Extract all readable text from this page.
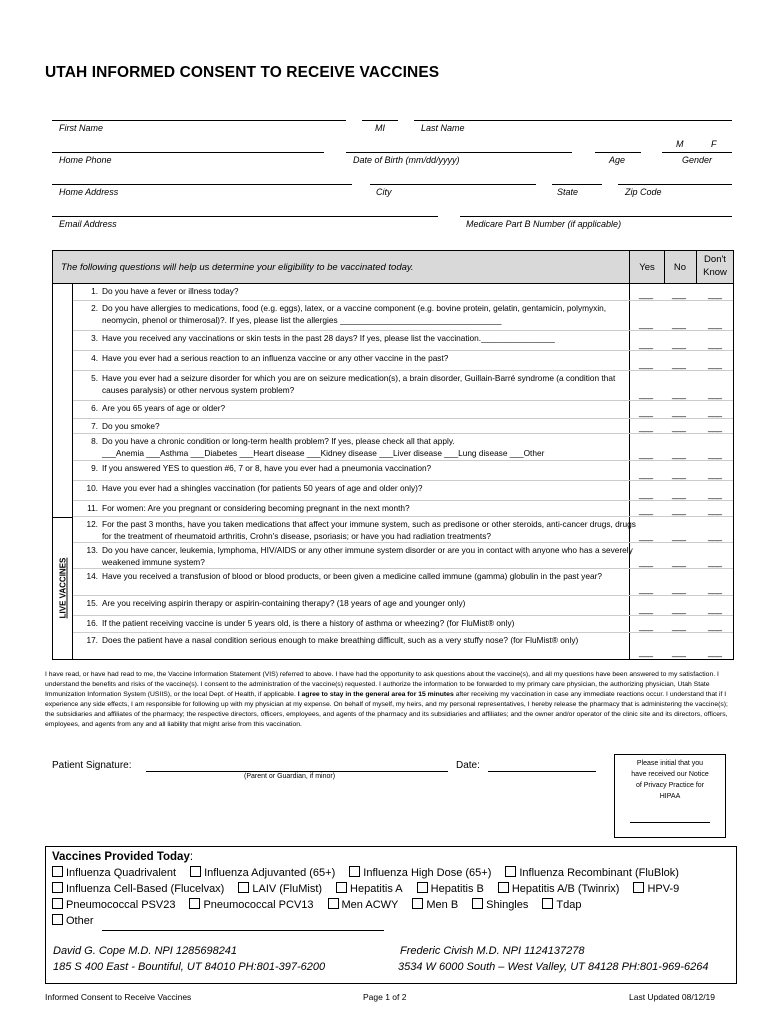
UTAH INFORMED CONSENT TO RECEIVE VACCINES
First Name	MI	Last Name
M	F
Home Phone	Date of Birth (mm/dd/yyyy)	Age	Gender
Home Address	City	State	Zip Code
Email Address	Medicare Part B Number (if applicable)
The following questions will help us determine your eligibility to be vaccinated today.	Yes	No
Don't Know
LIVE VACCINES
1. Do you have a fever or illness today?	___ ___ ___
2. Do you have allergies to medications, food (e.g. eggs), latex, or a vaccine component (e.g. bovine protein, gelatin, gentamicin, polymyxin, neomycin, phenol or thimerosal)?. If yes, please list the allergies ___________________________________	___ ___ ___
3. Have you received any vaccinations or skin tests in the past 28 days? If yes, please list the vaccination.________________
___ ___ ___
4. Have you ever had a serious reaction to an influenza vaccine or any other vaccine in the past?
___ ___ ___
5. Have you ever had a seizure disorder for which you are on seizure medication(s), a brain disorder, Guillain-Barré syndrome (a condition that causes paralysis) or other nervous system problem?	___ ___ ___
6. Are you 65 years of age or older?	___ ___ ___
7. Do you smoke?	___ ___ ___
8. Do you have a chronic condition or long-term health problem? If yes, please check all that apply.
___Anemia ___Asthma ___Diabetes ___Heart disease ___Kidney disease ___Liver disease ___Lung disease ___Other	___ ___ ___
9. If you answered YES to question #6, 7 or 8, have you ever had a pneumonia vaccination?
___ ___ ___
10. Have you ever had a shingles vaccination (for patients 50 years of age and older only)?
___ ___ ___
11. For women: Are you pregnant or considering becoming pregnant in the next month?	___ ___ ___
12. For the past 3 months, have you taken medications that affect your immune system, such as predisone or other steroids, anti-cancer drugs, drugs for the treatment of rheumatoid arthritis, Crohn's disease, psoriasis; or have you had radiation treatments?	___ ___ ___
13. Do you have cancer, leukemia, lymphoma, HIV/AIDS or any other immune system disorder or are you in contact with anyone who has a severely weakened immune system?	___ ___ ___
14. Have you received a transfusion of blood or blood products, or been given a medicine called immune (gamma) globulin in the past year?
___ ___ ___
15. Are you receiving aspirin therapy or aspirin-containing therapy? (18 years of age and younger only)
___ ___ ___
16. If the patient receiving vaccine is under 5 years old, is there a history of asthma or wheezing? (for FluMist® only)	___ ___ ___
17. Does the patient have a nasal condition serious enough to make breathing difficult, such as a very stuffy nose? (for FluMist® only)
___ ___ ___
I have read, or have had read to me, the Vaccine Information Statement (VIS) referred to above. I have had the opportunity to ask questions about the vaccine(s), and all my questions have been answered to my satisfaction. I understand the benefits and risks of the vaccine(s). I consent to the administration of the vaccine(s) requested. I authorize the information to be forwarded to my primary care physician, the authorizing physician, Utah State Immunization Information System (USIIS), or the local Dept. of Health, if applicable. I agree to stay in the general area for 15 minutes after receiving my vaccination in case any immediate reactions occur. I understand that if I experience any side effects, I am responsible for following up with my physician at my expense. On behalf of myself, my heirs, and my personal representatives, I hereby release the pharmacy that is administering the vaccine(s); the subsidiaries and affiliates of the pharmacy; the respective directors, officers, employees, and agents of the pharmacy and its subsidiaries and affiliates; and the owner and/or operator of the clinic site and its directors, officers, employees, and agents from any and all liability that might arise from this vaccination.
Patient Signature:
(Parent or Guardian, if minor)
Date:	Please initial that you have received our Notice of Privacy Practice for HIPAA
Vaccines Provided Today:
Influenza Quadrivalent	Influenza Adjuvanted (65+)	Influenza High Dose (65+)	Influenza Recombinant (FluBlok)
Influenza Cell-Based (Flucelvax)	LAIV (FluMist)	Hepatitis A	Hepatitis B	Hepatitis A/B (Twinrix)	HPV-9
Pneumococcal PSV23	Pneumococcal PCV13	Men ACWY	Men B	Shingles	Tdap
Other
David G. Cope M.D. NPI 1285698241
185 S 400 East - Bountiful, UT 84010 PH:801-397-6200
Frederic Civish M.D. NPI 1124137278
3534 W 6000 South – West Valley, UT 84128 PH:801-969-6264
Informed Consent to Receive Vaccines	Page 1 of 2	Last Updated 08/12/19
